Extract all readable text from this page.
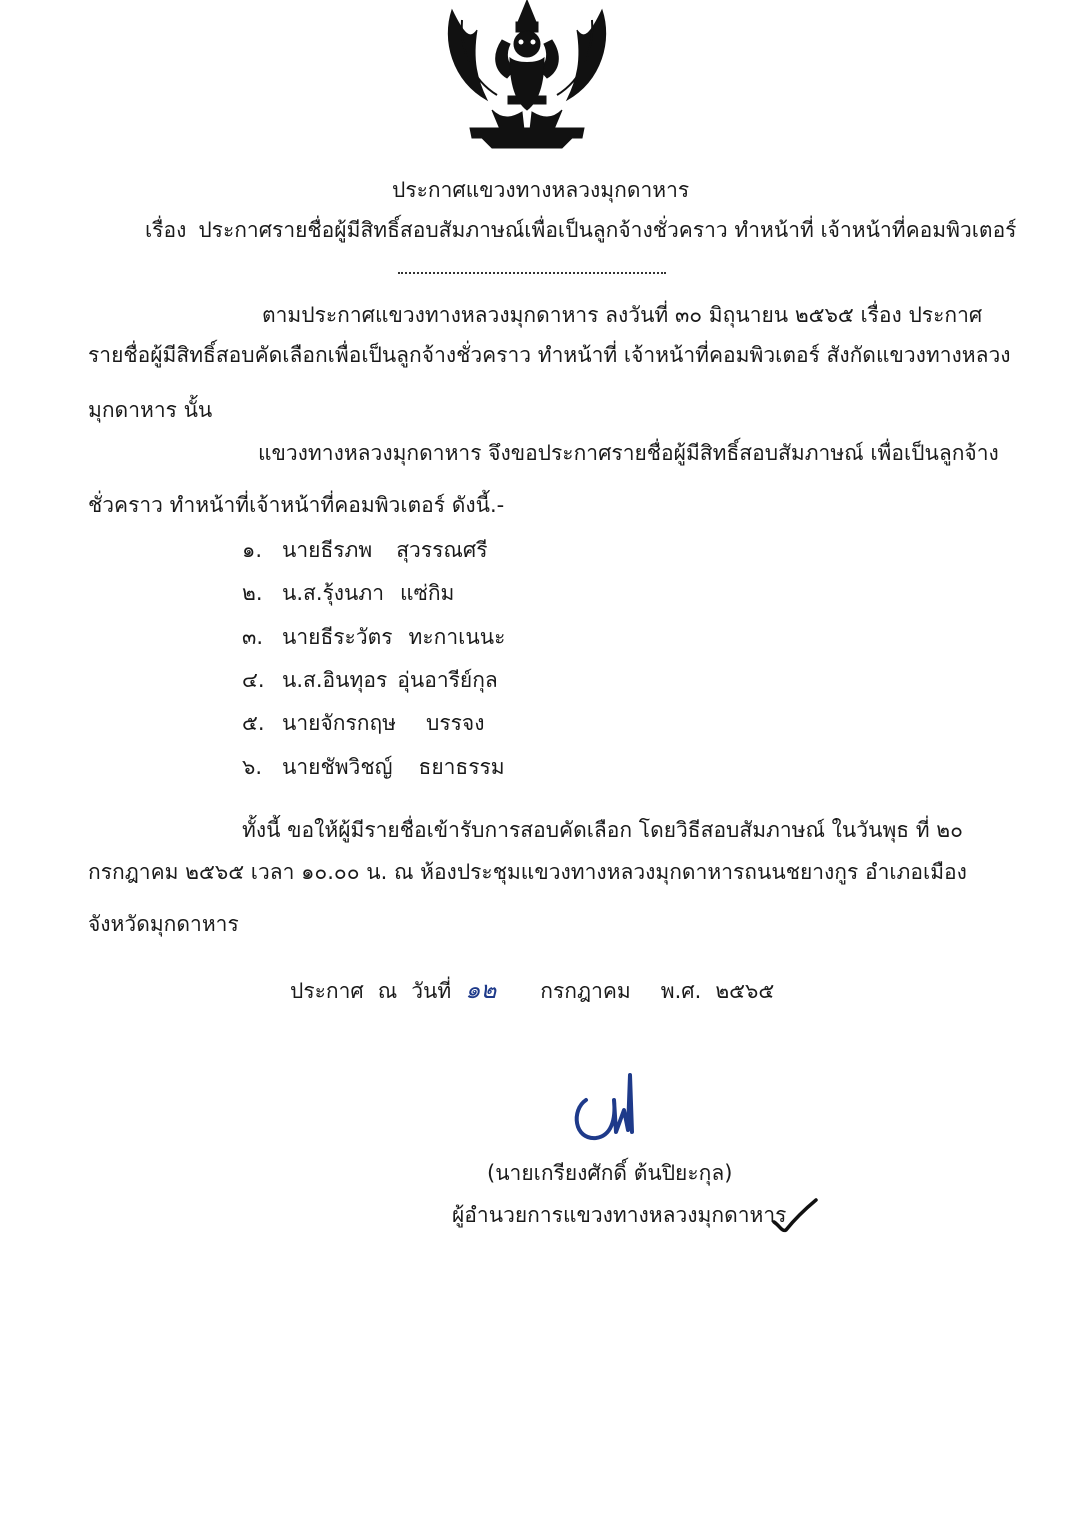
ประกาศแขวงทางหลวงมุกดาหาร
เรื่อง ประกาศรายชื่อผู้มีสิทธิ์สอบสัมภาษณ์เพื่อเป็นลูกจ้างชั่วคราว ทำหน้าที่ เจ้าหน้าที่คอมพิวเตอร์
ตามประกาศแขวงทางหลวงมุกดาหาร ลงวันที่ ๓๐ มิถุนายน ๒๕๖๕ เรื่อง ประกาศ
รายชื่อผู้มีสิทธิ์สอบคัดเลือกเพื่อเป็นลูกจ้างชั่วคราว ทำหน้าที่ เจ้าหน้าที่คอมพิวเตอร์ สังกัดแขวงทางหลวง
มุกดาหาร นั้น
แขวงทางหลวงมุกดาหาร จึงขอประกาศรายชื่อผู้มีสิทธิ์สอบสัมภาษณ์ เพื่อเป็นลูกจ้าง
ชั่วคราว ทำหน้าที่เจ้าหน้าที่คอมพิวเตอร์ ดังนี้.-
๑. นายธีรภพ สุวรรณศรี
๒. น.ส.รุ้งนภา แซ่กิม
๓. นายธีระวัตร ทะกาเนนะ
๔. น.ส.อินทุอร อุ่นอารีย์กุล
๕. นายจักรกฤษ บรรจง
๖. นายชัพวิชญ์ ธยาธรรม
ทั้งนี้ ขอให้ผู้มีรายชื่อเข้ารับการสอบคัดเลือก โดยวิธีสอบสัมภาษณ์ ในวันพุธ ที่ ๒๐
กรกฎาคม ๒๕๖๕ เวลา ๑๐.๐๐ น. ณ ห้องประชุมแขวงทางหลวงมุกดาหารถนนชยางกูร อำเภอเมือง
จังหวัดมุกดาหาร
ประกาศ ณ วันที่ ๑๒ กรกฎาคม พ.ศ. ๒๕๖๕
(นายเกรียงศักดิ์ ต้นปิยะกุล)
ผู้อำนวยการแขวงทางหลวงมุกดาหาร
